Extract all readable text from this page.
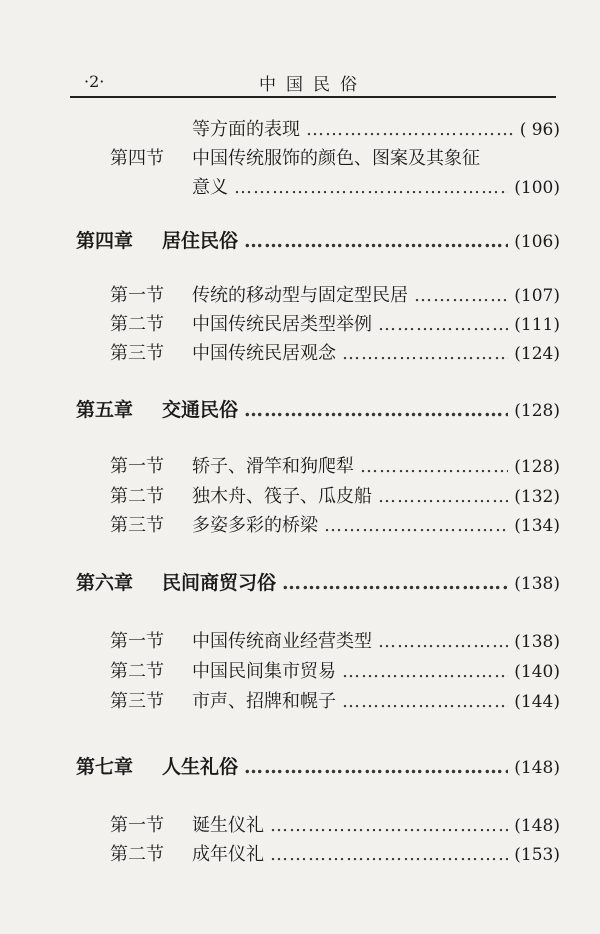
·2·	中国民俗
等方面的表现 …………………………………………………………………………………………………………	( 96)
第四节	中国传统服饰的颜色、图案及其象征
意义 …………………………………………………………………………………………………………	(100)
第四章	居住民俗 …………………………………………………………………………………………………………	(106)
第一节	传统的移动型与固定型民居 …………………………………………………………………………………………………………	(107)
第二节	中国传统民居类型举例 …………………………………………………………………………………………………………	(111)
第三节	中国传统民居观念 …………………………………………………………………………………………………………	(124)
第五章	交通民俗 …………………………………………………………………………………………………………	(128)
第一节	轿子、滑竿和狗爬犁 …………………………………………………………………………………………………………	(128)
第二节	独木舟、筏子、瓜皮船 …………………………………………………………………………………………………………	(132)
第三节	多姿多彩的桥梁 …………………………………………………………………………………………………………	(134)
第六章	民间商贸习俗 …………………………………………………………………………………………………………	(138)
第一节	中国传统商业经营类型 …………………………………………………………………………………………………………	(138)
第二节	中国民间集市贸易 …………………………………………………………………………………………………………	(140)
第三节	市声、招牌和幌子 …………………………………………………………………………………………………………	(144)
第七章	人生礼俗 …………………………………………………………………………………………………………	(148)
第一节	诞生仪礼 …………………………………………………………………………………………………………	(148)
第二节	成年仪礼 …………………………………………………………………………………………………………	(153)
